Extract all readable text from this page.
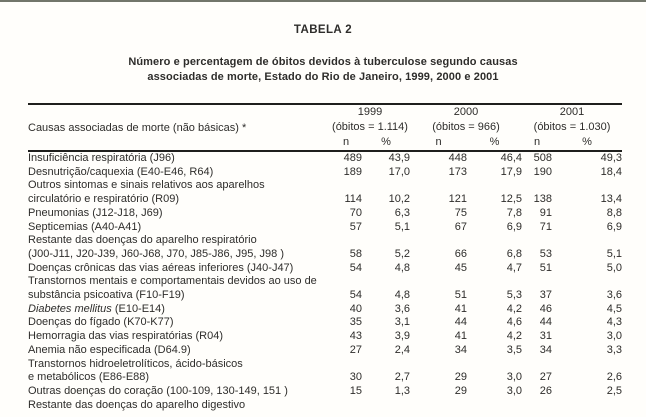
TABELA 2
Número e percentagem de óbitos devidos à tuberculose segundo causas
associadas de morte, Estado do Rio de Janeiro, 1999, 2000 e 2001
Causas associadas de morte (não básicas) *	1999		2000		2001	
	(óbitos = 1.114)		(óbitos = 966)		(óbitos = 1.030)	
	n	%	n	%	n	%
Insuficiência respiratória (J96)	489	43,9	448	46,4	508	49,3
Desnutrição/caquexia (E40-E46, R64)	189	17,0	173	17,9	190	18,4
Outros sintomas e sinais relativos aos aparelhos						
circulatório e respiratório (R09)	114	10,2	121	12,5	138	13,4
Pneumonias (J12-J18, J69)	70	6,3	75	7,8	91	8,8
Septicemias (A40-A41)	57	5,1	67	6,9	71	6,9
Restante das doenças do aparelho respiratório						
(J00-J11, J20-J39, J60-J68, J70, J85-J86, J95, J98 )	58	5,2	66	6,8	53	5,1
Doenças crônicas das vias aéreas inferiores (J40-J47)	54	4,8	45	4,7	51	5,0
Transtornos mentais e comportamentais devidos ao uso de						
substância psicoativa (F10-F19)	54	4,8	51	5,3	37	3,6
Diabetes mellitus (E10-E14)	40	3,6	41	4,2	46	4,5
Doenças do fígado (K70-K77)	35	3,1	44	4,6	44	4,3
Hemorragia das vias respiratórias (R04)	43	3,9	41	4,2	31	3,0
Anemia não especificada (D64.9)	27	2,4	34	3,5	34	3,3
Transtornos hidroeletrolíticos, ácido-básicos						
e metabólicos (E86-E88)	30	2,7	29	3,0	27	2,6
Outras doenças do coração (100-109, 130-149, 151 )	15	1,3	29	3,0	26	2,5
Restante das doenças do aparelho digestivo						
